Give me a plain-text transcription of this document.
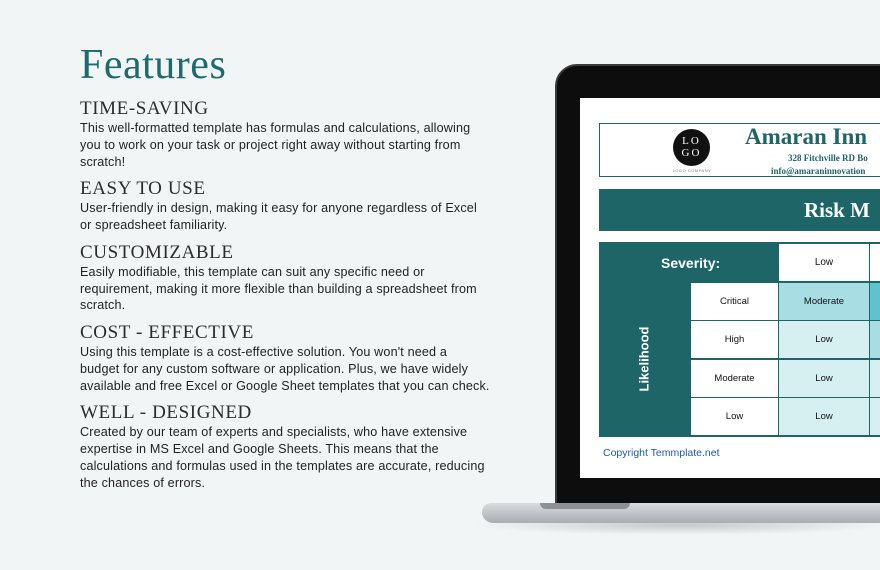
Features
TIME-SAVING

This well-formatted template has formulas and calculations, allowing you to work on your task or project right away without starting from scratch!

EASY TO USE

User-friendly in design, making it easy for anyone regardless of Excel or spreadsheet familiarity.

CUSTOMIZABLE

Easily modifiable, this template can suit any specific need or requirement, making it more flexible than building a spreadsheet from scratch.

COST - EFFECTIVE

Using this template is a cost-effective solution. You won't need a budget for any custom software or application. Plus, we have widely available and free Excel or Google Sheet templates that you can check.

WELL - DESIGNED

Created by our team of experts and specialists, who have extensive expertise in MS Excel and Google Sheets. This means that the calculations and formulas used in the templates are accurate, reducing the chances of errors.

LO GO
LOGO COMPANY
Amaran Inn
328 Fitchville RD Bo
info@amaraninnovation
Risk M
Severity:	Low
Likelihood
Critical	Moderate
High	Low
Moderate	Low
Low	Low
Copyright Temmplate.net
